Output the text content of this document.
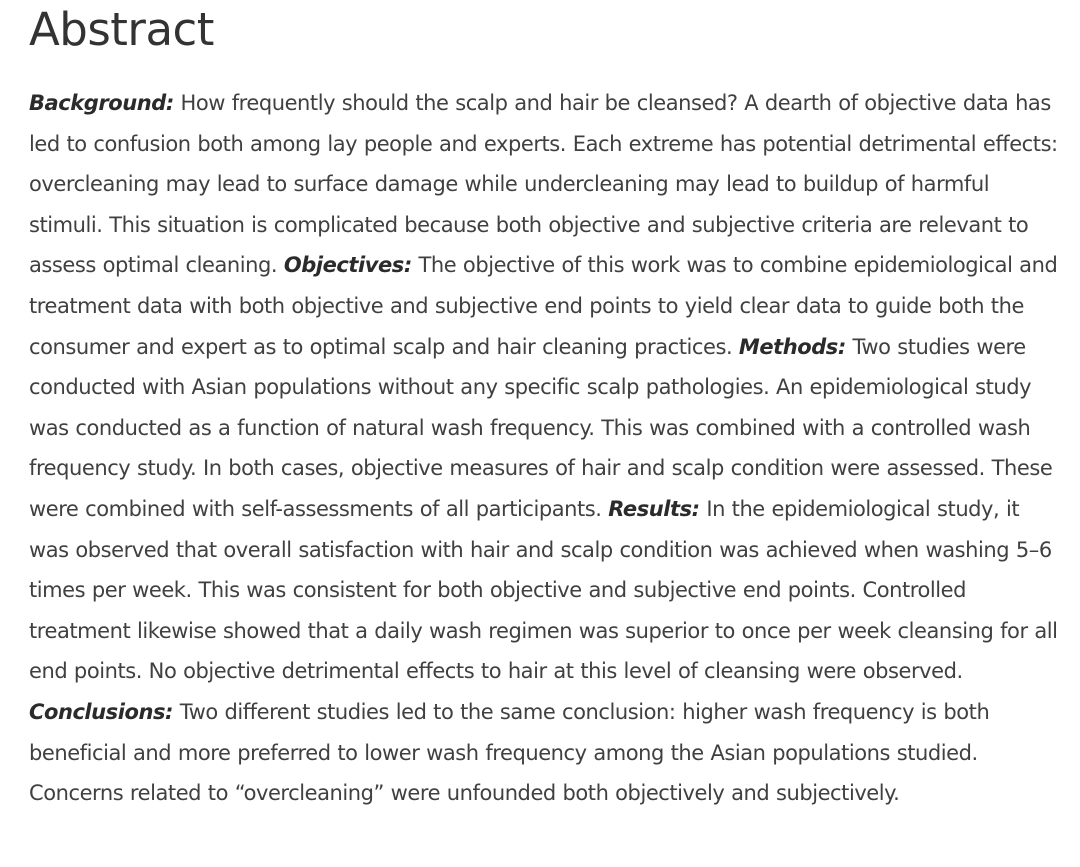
Abstract

Background: How frequently should the scalp and hair be cleansed? A dearth of objective data has led to confusion both among lay people and experts. Each extreme has potential detrimental effects: overcleaning may lead to surface damage while undercleaning may lead to buildup of harmful stimuli. This situation is complicated because both objective and subjective criteria are relevant to assess optimal cleaning. Objectives: The objective of this work was to combine epidemiological and treatment data with both objective and subjective end points to yield clear data to guide both the consumer and expert as to optimal scalp and hair cleaning practices. Methods: Two studies were conducted with Asian populations without any specific scalp pathologies. An epidemiological study was conducted as a function of natural wash frequency. This was combined with a controlled wash frequency study. In both cases, objective measures of hair and scalp condition were assessed. These were combined with self-assessments of all participants. Results: In the epidemiological study, it was observed that overall satisfaction with hair and scalp condition was achieved when washing 5–6 times per week. This was consistent for both objective and subjective end points. Controlled treatment likewise showed that a daily wash regimen was superior to once per week cleansing for all end points. No objective detrimental effects to hair at this level of cleansing were observed. Conclusions: Two different studies led to the same conclusion: higher wash frequency is both beneficial and more preferred to lower wash frequency among the Asian populations studied. Concerns related to “overcleaning” were unfounded both objectively and subjectively.
